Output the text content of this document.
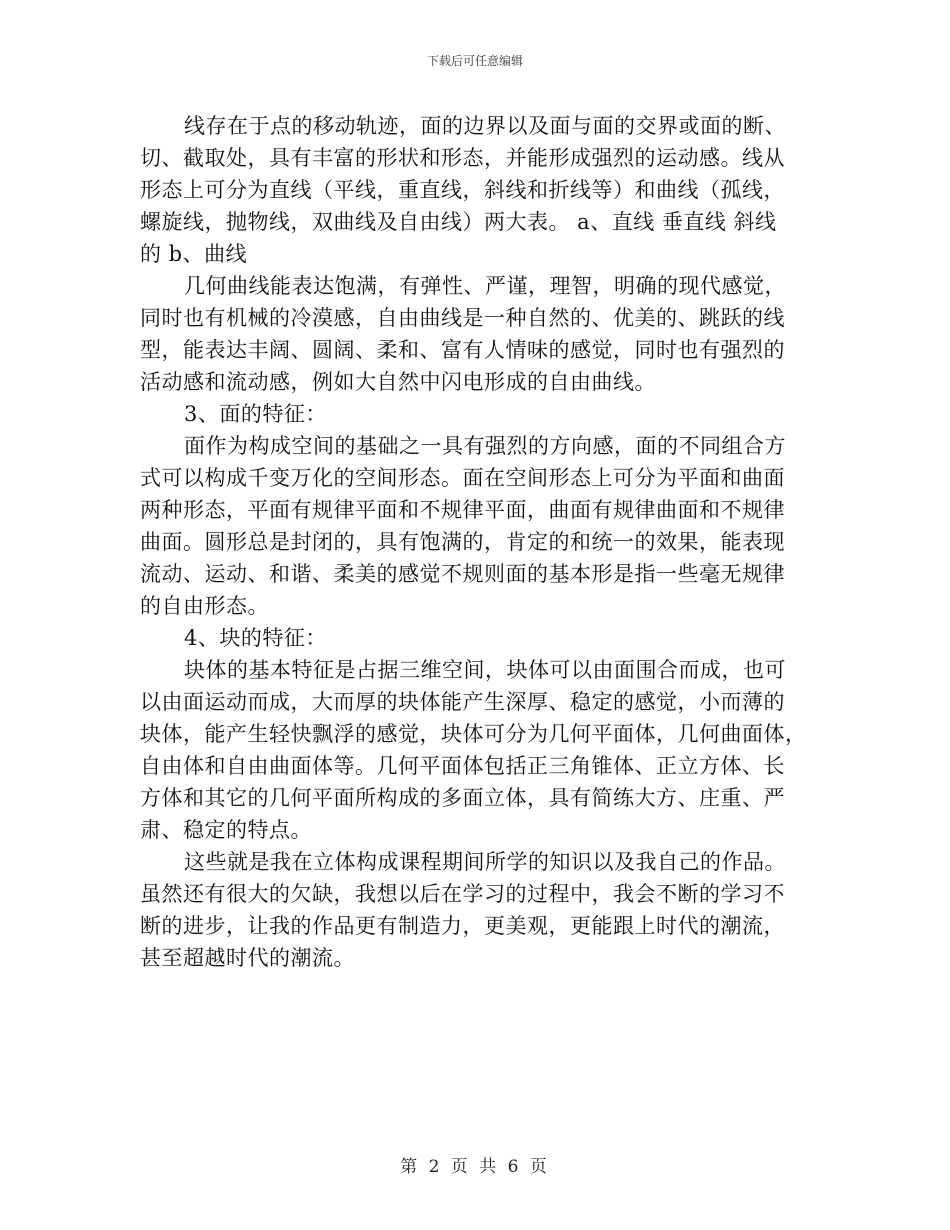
下载后可任意编辑
线存在于点的移动轨迹，面的边界以及面与面的交界或面的断、
切、截取处，具有丰富的形状和形态，并能形成强烈的运动感。线从
形态上可分为直线（平线，重直线，斜线和折线等）和曲线（孤线，
螺旋线，抛物线，双曲线及自由线）两大表。 a、直线 垂直线 斜线
的 b、曲线
几何曲线能表达饱满，有弹性、严谨，理智，明确的现代感觉，
同时也有机械的冷漠感，自由曲线是一种自然的、优美的、跳跃的线
型，能表达丰阔、圆阔、柔和、富有人情味的感觉，同时也有强烈的
活动感和流动感，例如大自然中闪电形成的自由曲线。
3、面的特征：
面作为构成空间的基础之一具有强烈的方向感，面的不同组合方
式可以构成千变万化的空间形态。面在空间形态上可分为平面和曲面
两种形态，平面有规律平面和不规律平面，曲面有规律曲面和不规律
曲面。圆形总是封闭的，具有饱满的，肯定的和统一的效果，能表现
流动、运动、和谐、柔美的感觉不规则面的基本形是指一些毫无规律
的自由形态。
4、块的特征：
块体的基本特征是占据三维空间，块体可以由面围合而成，也可
以由面运动而成，大而厚的块体能产生深厚、稳定的感觉，小而薄的
块体，能产生轻快飘浮的感觉，块体可分为几何平面体，几何曲面体，
自由体和自由曲面体等。几何平面体包括正三角锥体、正立方体、长
方体和其它的几何平面所构成的多面立体，具有简练大方、庄重、严
肃、稳定的特点。
这些就是我在立体构成课程期间所学的知识以及我自己的作品。
虽然还有很大的欠缺，我想以后在学习的过程中，我会不断的学习不
断的进步，让我的作品更有制造力，更美观，更能跟上时代的潮流，
甚至超越时代的潮流。
第 2 页 共 6 页
